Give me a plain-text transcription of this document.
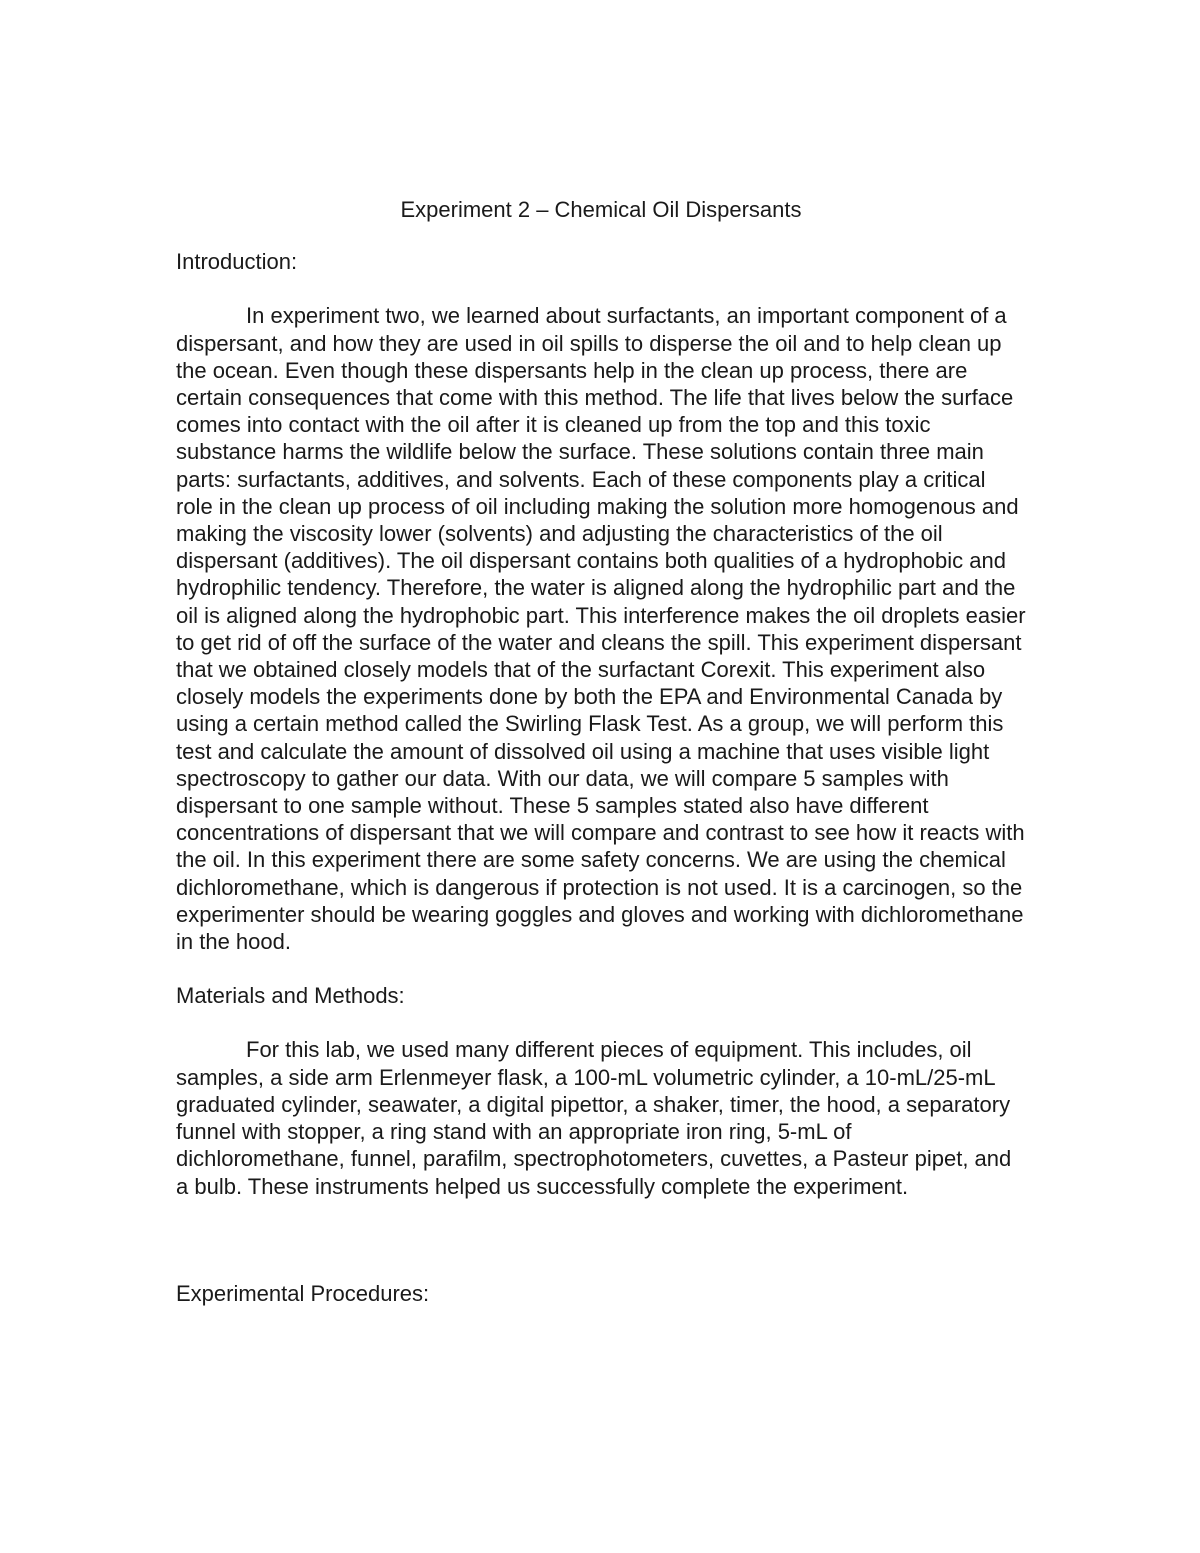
Experiment 2 – Chemical Oil Dispersants
Introduction:

In experiment two, we learned about surfactants, an important component of a dispersant, and how they are used in oil spills to disperse the oil and to help clean up the ocean. Even though these dispersants help in the clean up process, there are certain consequences that come with this method. The life that lives below the surface comes into contact with the oil after it is cleaned up from the top and this toxic substance harms the wildlife below the surface. These solutions contain three main parts: surfactants, additives, and solvents. Each of these components play a critical role in the clean up process of oil including making the solution more homogenous and making the viscosity lower (solvents) and adjusting the characteristics of the oil dispersant (additives). The oil dispersant contains both qualities of a hydrophobic and hydrophilic tendency. Therefore, the water is aligned along the hydrophilic part and the oil is aligned along the hydrophobic part. This interference makes the oil droplets easier to get rid of off the surface of the water and cleans the spill. This experiment dispersant that we obtained closely models that of the surfactant Corexit. This experiment also closely models the experiments done by both the EPA and Environmental Canada by using a certain method called the Swirling Flask Test. As a group, we will perform this test and calculate the amount of dissolved oil using a machine that uses visible light spectroscopy to gather our data. With our data, we will compare 5 samples with dispersant to one sample without. These 5 samples stated also have different concentrations of dispersant that we will compare and contrast to see how it reacts with the oil. In this experiment there are some safety concerns. We are using the chemical dichloromethane, which is dangerous if protection is not used. It is a carcinogen, so the experimenter should be wearing goggles and gloves and working with dichloromethane in the hood.

Materials and Methods:

For this lab, we used many different pieces of equipment. This includes, oil samples, a side arm Erlenmeyer flask, a 100-mL volumetric cylinder, a 10-mL/25-mL graduated cylinder, seawater, a digital pipettor, a shaker, timer, the hood, a separatory funnel with stopper, a ring stand with an appropriate iron ring, 5-mL of dichloromethane, funnel, parafilm, spectrophotometers, cuvettes, a Pasteur pipet, and a bulb. These instruments helped us successfully complete the experiment.

Experimental Procedures:
